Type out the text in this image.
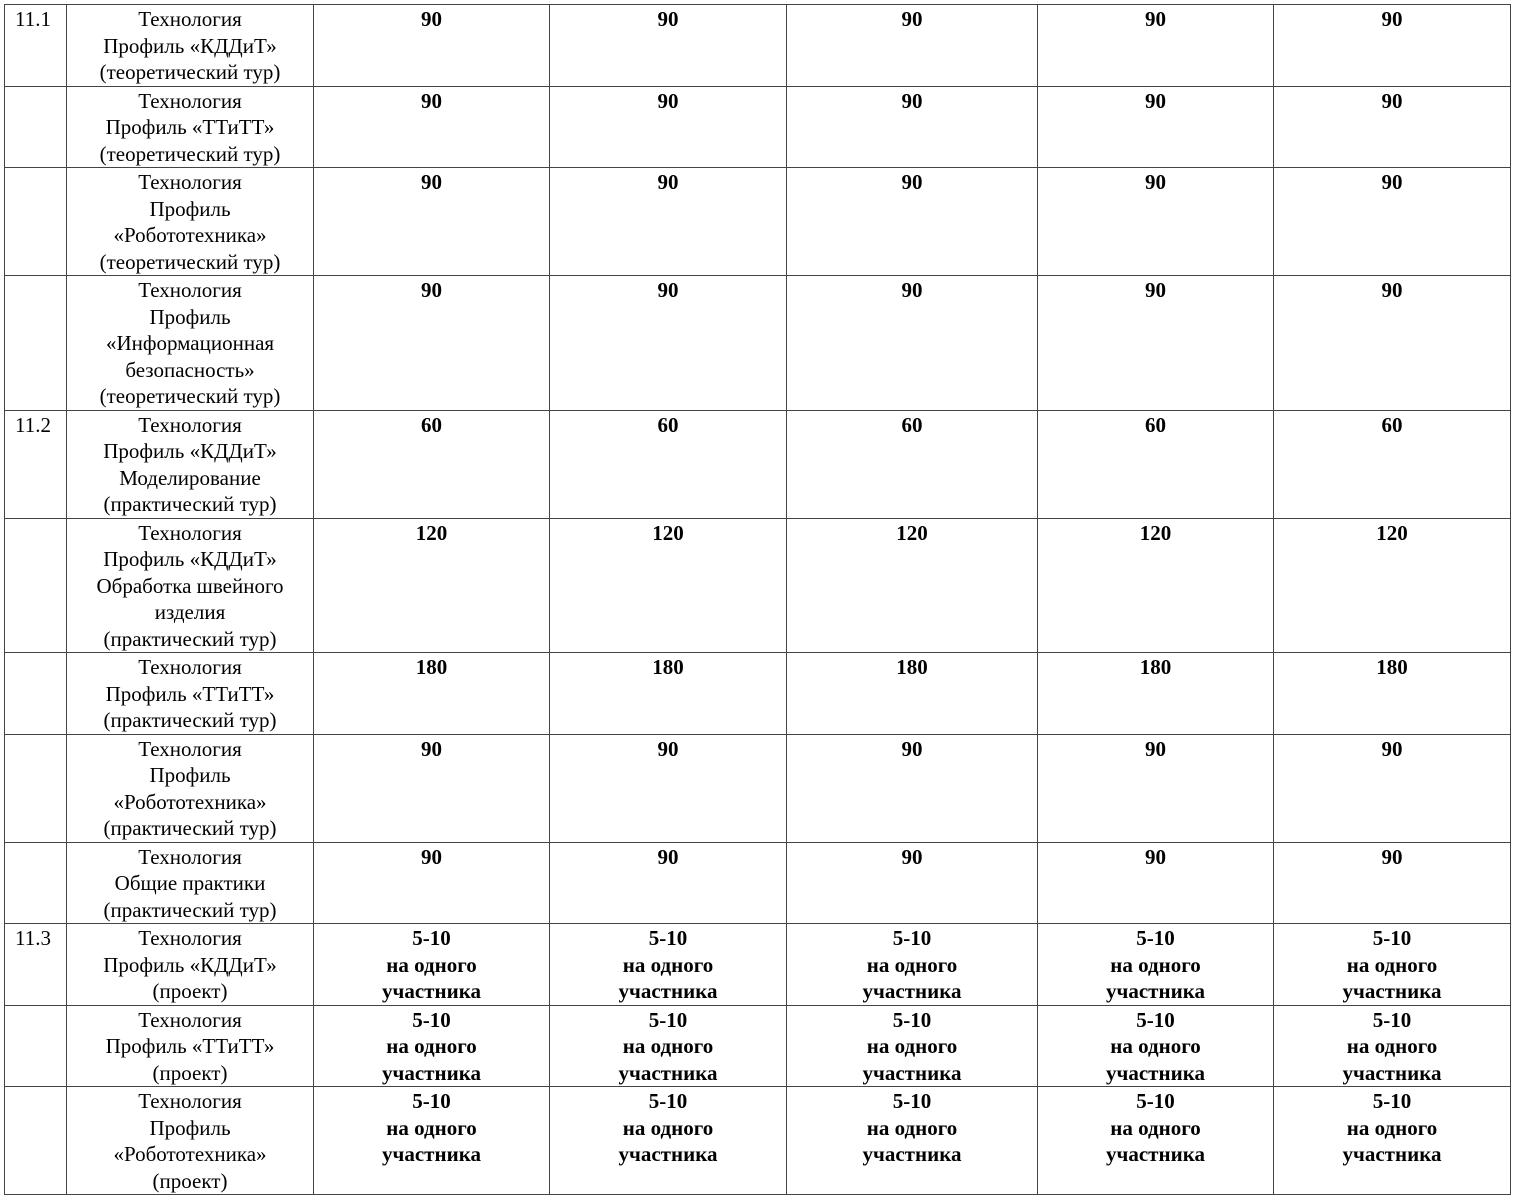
11.1	Технология
Профиль «КДДиТ»
(теоретический тур)	90	90	90	90	90

	Технология
Профиль «ТТиТТ»
(теоретический тур)	90	90	90	90	90

	Технология
Профиль
«Робототехника»
(теоретический тур)	90	90	90	90	90

	Технология
Профиль
«Информационная
безопасность»
(теоретический тур)	90	90	90	90	90

11.2	Технология
Профиль «КДДиТ»
Моделирование
(практический тур)	60	60	60	60	60

	Технология
Профиль «КДДиТ»
Обработка швейного
изделия
(практический тур)	120	120	120	120	120

	Технология
Профиль «ТТиТТ»
(практический тур)	180	180	180	180	180

	Технология
Профиль
«Робототехника»
(практический тур)	90	90	90	90	90

	Технология
Общие практики
(практический тур)	90	90	90	90	90

11.3	Технология
Профиль «КДДиТ»
(проект)	5-10
на одного
участника	5-10
на одного
участника	5-10
на одного
участника	5-10
на одного
участника	5-10
на одного
участника

	Технология
Профиль «ТТиТТ»
(проект)	5-10
на одного
участника	5-10
на одного
участника	5-10
на одного
участника	5-10
на одного
участника	5-10
на одного
участника

	Технология
Профиль
«Робототехника»
(проект)	5-10
на одного
участника	5-10
на одного
участника	5-10
на одного
участника	5-10
на одного
участника	5-10
на одного
участника
